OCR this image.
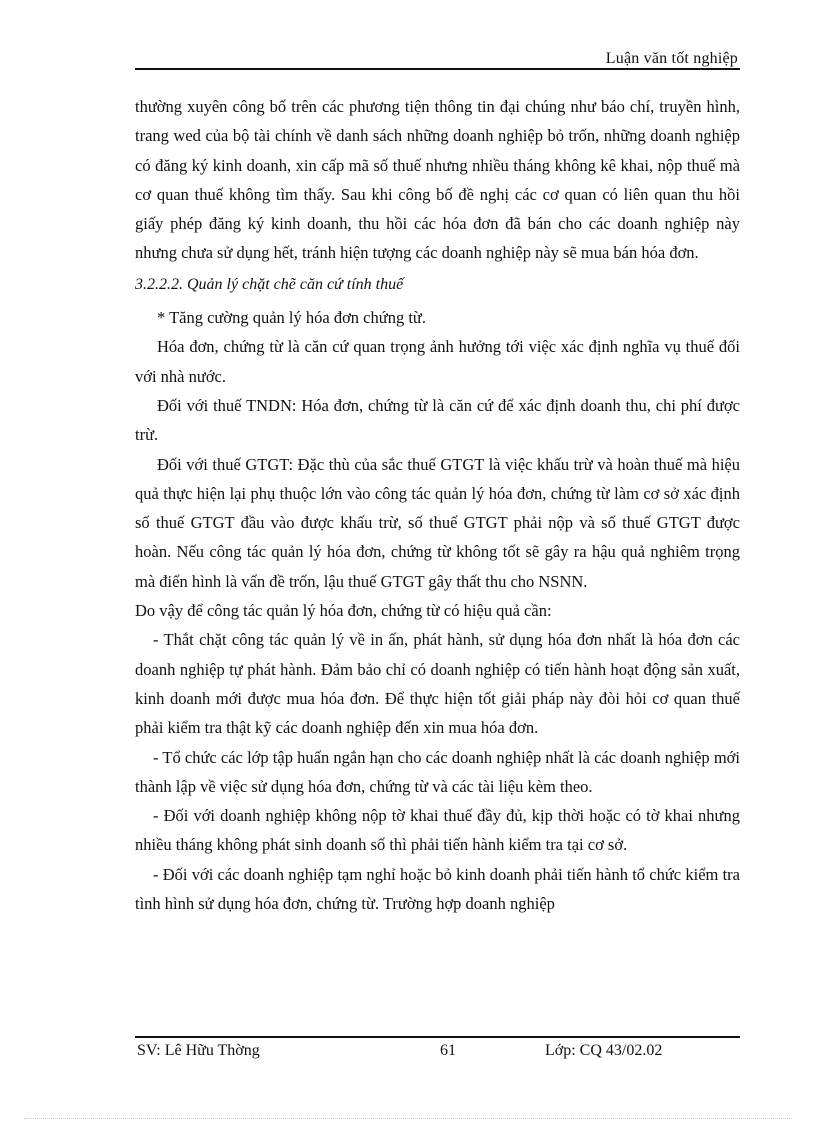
Luận văn tốt nghiệp

thường xuyên công bố trên các phương tiện thông tin đại chúng như báo chí, truyền hình, trang wed của bộ tài chính về danh sách những doanh nghiệp bỏ trốn, những doanh nghiệp có đăng ký kinh doanh, xin cấp mã số thuế nhưng nhiều tháng không kê khai, nộp thuế mà cơ quan thuế không tìm thấy. Sau khi công bố đề nghị các cơ quan có liên quan thu hồi giấy phép đăng ký kinh doanh, thu hồi các hóa đơn đã bán cho các doanh nghiệp này nhưng chưa sử dụng hết, tránh hiện tượng các doanh nghiệp này sẽ mua bán hóa đơn.

3.2.2.2. Quản lý chặt chẽ căn cứ tính thuế

* Tăng cường quản lý hóa đơn chứng từ.

Hóa đơn, chứng từ là căn cứ quan trọng ảnh hưởng tới việc xác định nghĩa vụ thuế đối với nhà nước.

Đối với thuế TNDN: Hóa đơn, chứng từ là căn cứ để xác định doanh thu, chi phí được trừ.

Đối với thuế GTGT: Đặc thù của sắc thuế GTGT là việc khấu trừ và hoàn thuế mà hiệu quả thực hiện lại phụ thuộc lớn vào công tác quản lý hóa đơn, chứng từ làm cơ sở xác định số thuế GTGT đầu vào được khấu trừ, số thuế GTGT phải nộp và số thuế GTGT được hoàn. Nếu công tác quản lý hóa đơn, chứng từ không tốt sẽ gây ra hậu quả nghiêm trọng mà điển hình là vấn đề trốn, lậu thuế GTGT gây thất thu cho NSNN.

Do vậy để công tác quản lý hóa đơn, chứng từ có hiệu quả cần:

- Thắt chặt công tác quản lý về in ấn, phát hành, sử dụng hóa đơn nhất là hóa đơn các doanh nghiệp tự phát hành. Đảm bảo chỉ có doanh nghiệp có tiến hành hoạt động sản xuất, kinh doanh mới được mua hóa đơn. Để thực hiện tốt giải pháp này đòi hỏi cơ quan thuế phải kiểm tra thật kỹ các doanh nghiệp đến xin mua hóa đơn.

- Tổ chức các lớp tập huấn ngắn hạn cho các doanh nghiệp nhất là các doanh nghiệp mới thành lập về việc sử dụng hóa đơn, chứng từ và các tài liệu kèm theo.

- Đối với doanh nghiệp không nộp tờ khai thuế đầy đủ, kịp thời hoặc có tờ khai nhưng nhiều tháng không phát sinh doanh số thì phải tiến hành kiểm tra tại cơ sở.

- Đối với các doanh nghiệp tạm nghỉ hoặc bỏ kinh doanh phải tiến hành tổ chức kiểm tra tình hình sử dụng hóa đơn, chứng từ. Trường hợp doanh nghiệp

SV: Lê Hữu Thờng	61	Lớp: CQ 43/02.02
